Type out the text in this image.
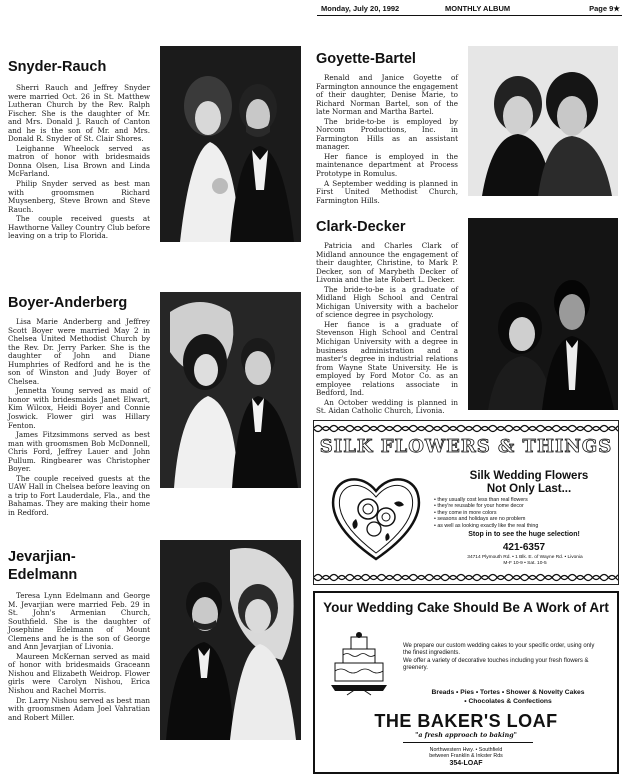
Monday, July 20, 1992	MONTHLY ALBUM	Page 9★
Snyder-Rauch

Sherri Rauch and Jeffrey Snyder were married Oct. 26 in St. Matthew Lutheran Church by the Rev. Ralph Fischer. She is the daughter of Mr. and Mrs. Donald J. Rauch of Canton and he is the son of Mr. and Mrs. Donald R. Snyder of St. Clair Shores.

Leighanne Wheelock served as matron of honor with bridesmaids Donna Olsen, Lisa Brown and Linda McFarland.

Philip Snyder served as best man with groomsmen Richard Muysenberg, Steve Brown and Steve Rauch.

The couple received guests at Hawthorne Valley Country Club before leaving on a trip to Florida.

Boyer-Anderberg

Lisa Marie Anderberg and Jeffrey Scott Boyer were married May 2 in Chelsea United Methodist Church by the Rev. Dr. Jerry Parker. She is the daughter of John and Diane Humphries of Redford and he is the son of Winston and Judy Boyer of Chelsea.

Jennetta Young served as maid of honor with bridesmaids Janet Elwart, Kim Wilcox, Heidi Boyer and Connie Joswick. Flower girl was Hillary Fenton.

James Fitzsimmons served as best man with groomsmen Bob McDonnell, Chris Ford, Jeffrey Lauer and John Pullum. Ringbearer was Christopher Boyer.

The couple received guests at the UAW Hall in Chelsea before leaving on a trip to Fort Lauderdale, Fla., and the Bahamas. They are making their home in Redford.

Jevarjian-
Edelmann

Teresa Lynn Edelmann and George M. Jevarjian were married Feb. 29 in St. John's Armenian Church, Southfield. She is the daughter of Josephine Edelmann of Mount Clemens and he is the son of George and Ann Jevarjian of Livonia.

Maureen McKernan served as maid of honor with bridesmaids Graceann Nishou and Elizabeth Weidrop. Flower girls were Carolyn Nishou, Erica Nishou and Rachel Morris.

Dr. Larry Nishou served as best man with groomsmen Adam Joel Vahratian and Robert Miller.

Goyette-Bartel

Renald and Janice Goyette of Farmington announce the engagement of their daughter, Denise Marie, to Richard Norman Bartel, son of the late Norman and Martha Bartel.

The bride-to-be is employed by Norcom Productions, Inc. in Farmington Hills as an assistant manager.

Her fiance is employed in the maintenance department at Process Prototype in Romulus.

A September wedding is planned in First United Methodist Church, Farmington Hills.

Clark-Decker

Patricia and Charles Clark of Midland announce the engagement of their daughter, Christine, to Mark P. Decker, son of Marybeth Decker of Livonia and the late Robert L. Decker.

The bride-to-be is a graduate of Midland High School and Central Michigan University with a bachelor of science degree in psychology.

Her fiance is a graduate of Stevenson High School and Central Michigan University with a degree in business administration and a master's degree in industrial relations from Wayne State University. He is employed by Ford Motor Co. as an employee relations associate in Bedford, Ind.

An October wedding is planned in St. Aidan Catholic Church, Livonia.

SILK FLOWERS & THINGS
Silk Wedding Flowers
Not Only Last...
• they usually cost less than real flowers
• they're reusable for your home decor
• they come in more colors
• seasons and holidays are no problem
• as well as looking exactly like the real thing
Stop in to see the huge selection!
421-6357
34714 Plymouth Rd. • 1 Blk. E. of Wayne Rd. • Livonia
M-F 10-9 • Sat. 10-5
Your Wedding Cake Should Be A Work of Art
We prepare our custom wedding cakes to your specific order, using only the finest ingredients.
We offer a variety of decorative touches including your fresh flowers & greenery.
Breads • Pies • Tortes • Shower & Novelty Cakes
• Chocolates & Confections
THE BAKER'S LOAF
"a fresh approach to baking"
Northwestern Hwy. • Southfield
between Franklin & Inkster Rds
354-LOAF
